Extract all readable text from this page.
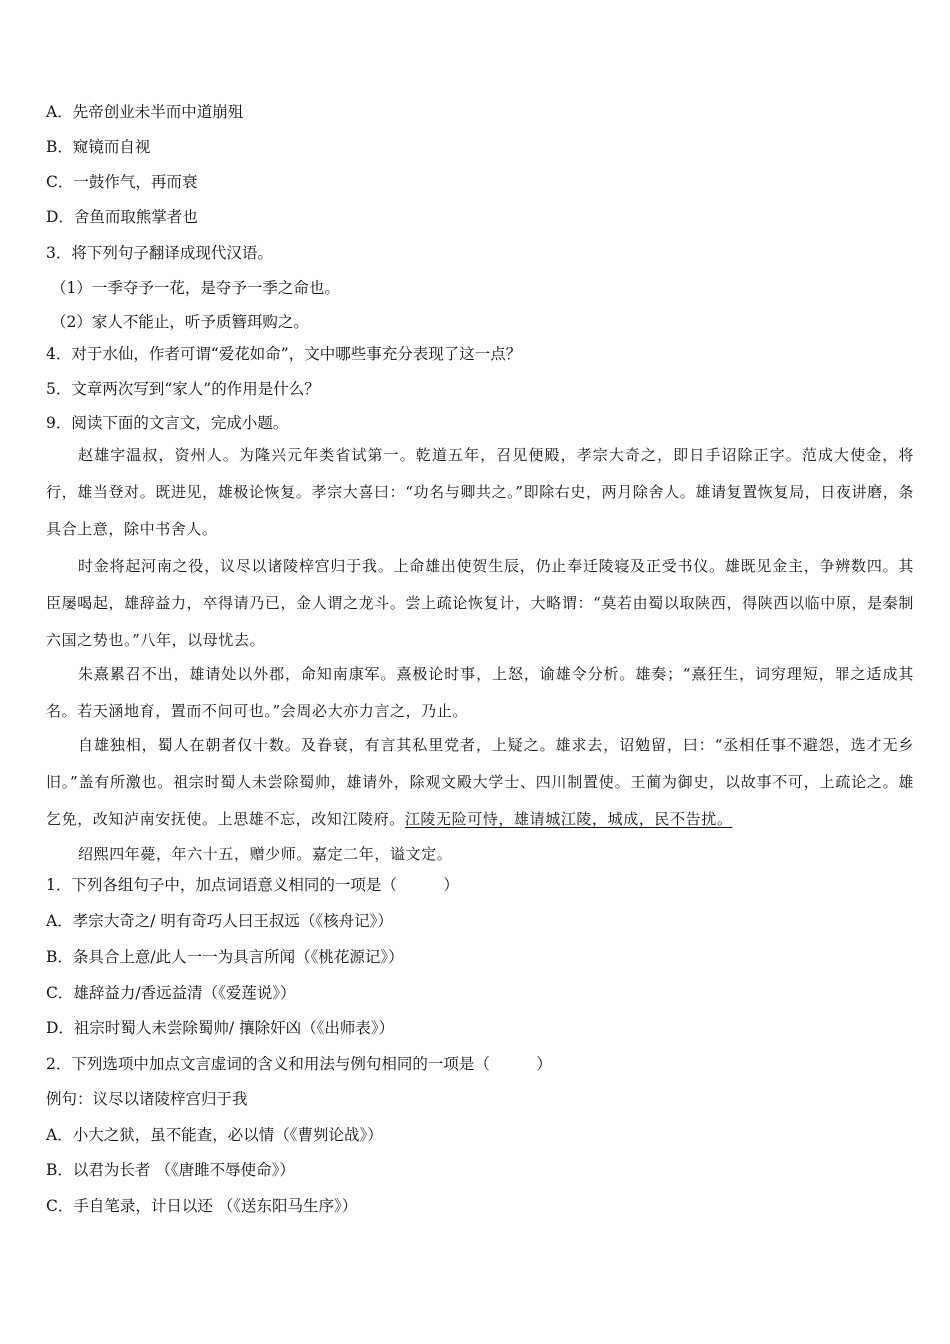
A．先帝创业未半而中道崩殂
B．窥镜而自视
C．一鼓作气，再而衰
D．舍鱼而取熊掌者也
3．将下列句子翻译成现代汉语。
（1）一季夺予一花，是夺予一季之命也。
（2）家人不能止，听予质簪珥购之。
4．对于水仙，作者可谓“爱花如命”，文中哪些事充分表现了这一点？
5．文章两次写到“家人”的作用是什么？
9．阅读下面的文言文，完成小题。
赵雄字温叔，资州人。为隆兴元年类省试第一。乾道五年，召见便殿，孝宗大奇之，即日手诏除正字。范成大使金，将行，雄当登对。既进见，雄极论恢复。孝宗大喜曰：“功名与卿共之。”即除右史，两月除舍人。雄请复置恢复局，日夜讲磨，条具合上意，除中书舍人。
时金将起河南之役，议尽以诸陵梓宫归于我。上命雄出使贺生辰，仍止奉迁陵寝及正受书仪。雄既见金主，争辨数四。其臣屡喝起，雄辞益力，卒得请乃已，金人谓之龙斗。尝上疏论恢复计，大略谓：“莫若由蜀以取陕西，得陕西以临中原，是秦制六国之势也。”八年，以母忧去。
朱熹累召不出，雄请处以外郡，命知南康军。熹极论时事，上怒，谕雄令分析。雄奏；“熹狂生，词穷理短，罪之适成其名。若天涵地育，置而不问可也。”会周必大亦力言之，乃止。
自雄独相，蜀人在朝者仅十数。及眷衰，有言其私里党者，上疑之。雄求去，诏勉留，曰：“丞相任事不避怨，选才无乡旧。”盖有所激也。祖宗时蜀人未尝除蜀帅，雄请外，除观文殿大学士、四川制置使。王蔺为御史，以故事不可，上疏论之。雄乞免，改知泸南安抚使。上思雄不忘，改知江陵府。江陵无险可恃，雄请城江陵，城成，民不告扰。
绍熙四年薨，年六十五，赠少师。嘉定二年，谥文定。
1．下列各组句子中，加点词语意义相同的一项是（　　　）
A．孝宗大奇之/ 明有奇巧人曰王叔远（《核舟记》）
B．条具合上意/此人一一为具言所闻（《桃花源记》）
C．雄辞益力/香远益清（《爱莲说》）
D．祖宗时蜀人未尝除蜀帅/ 攘除奸凶（《出师表》）
2．下列选项中加点文言虚词的含义和用法与例句相同的一项是（　　　）
例句：议尽以诸陵梓宫归于我
A．小大之狱，虽不能查，必以情（《曹刿论战》）
B．以君为长者 （《唐雎不辱使命》）
C．手自笔录，计日以还 （《送东阳马生序》）
